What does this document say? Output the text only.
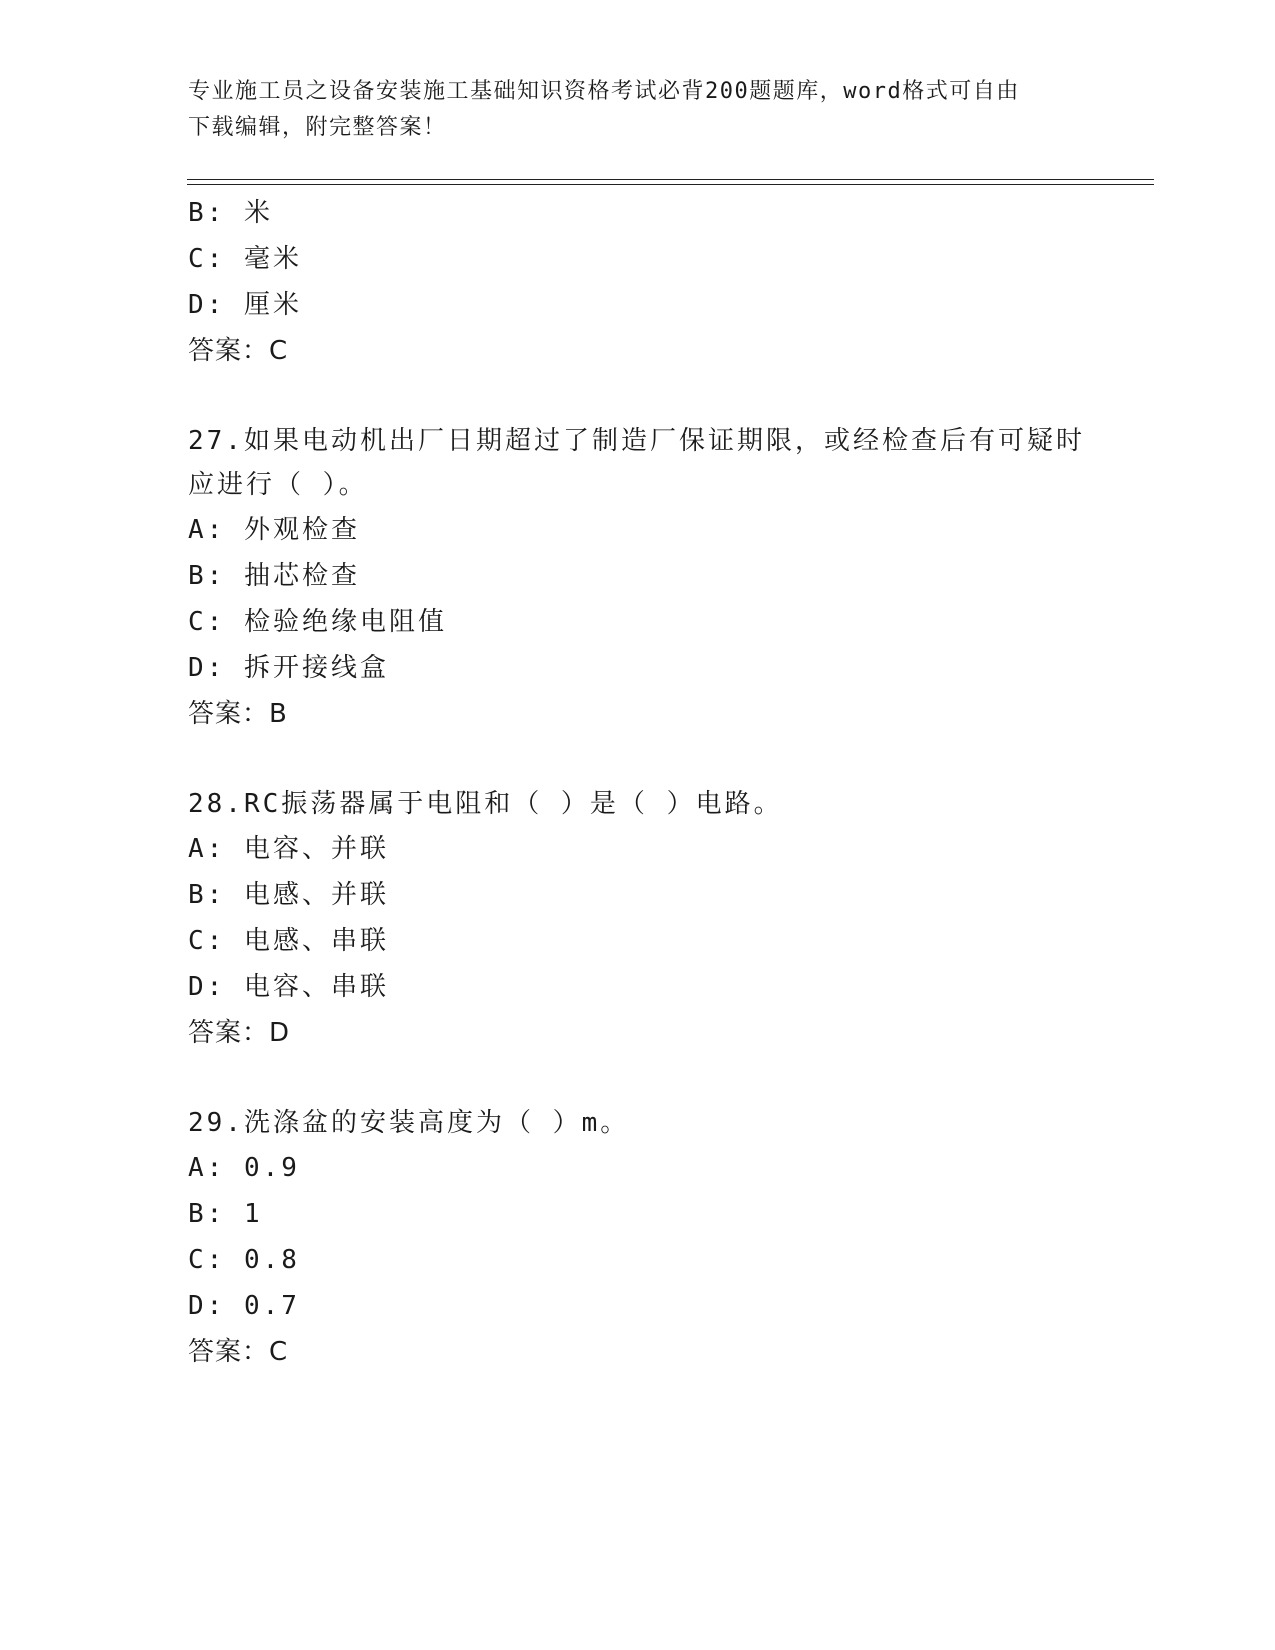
专业施工员之设备安装施工基础知识资格考试必背200题题库，word格式可自由
下载编辑，附完整答案！
B: 米
C: 毫米
D: 厘米
答案：C
27.如果电动机出厂日期超过了制造厂保证期限，或经检查后有可疑时
应进行（ ）。
A: 外观检查
B: 抽芯检查
C: 检验绝缘电阻值
D: 拆开接线盒
答案：B
28.RC振荡器属于电阻和（ ）是（ ）电路。
A: 电容、并联
B: 电感、并联
C: 电感、串联
D: 电容、串联
答案：D
29.洗涤盆的安装高度为（ ）m。
A: 0.9
B: 1
C: 0.8
D: 0.7
答案：C
